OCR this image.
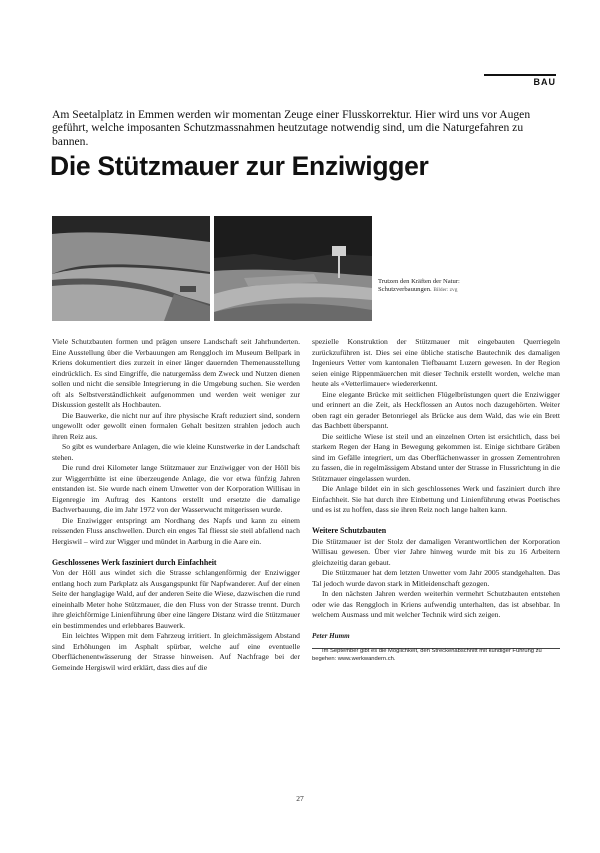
BAU
Am Seetalplatz in Emmen werden wir momentan Zeuge einer Flusskorrektur. Hier wird uns vor Augen geführt, welche imposanten Schutzmassnahmen heutzutage notwendig sind, um die Naturgefahren zu bannen.
Die Stützmauer zur Enziwigger
Trutzen den Kräften der Natur: Schutzverbauungen. Bilder: zvg

Viele Schutzbauten formen und prägen unsere Landschaft seit Jahrhunderten. Eine Ausstellung über die Verbauungen am Renggloch im Museum Bellpark in Kriens dokumentiert dies zurzeit in einer länger dauernden Themenausstellung eindrücklich. Es sind Eingriffe, die naturgemäss dem Zweck und Nutzen dienen sollen und nicht die sensible Integrierung in die Umgebung suchen. Sie werden oft als Selbstverständlichkeit aufgenommen und werden weit weniger zur Diskussion gestellt als Hochbauten.

Die Bauwerke, die nicht nur auf ihre physische Kraft reduziert sind, sondern ungewollt oder gewollt einen formalen Gehalt besitzen strahlen jedoch auch ihren Reiz aus.

So gibt es wunderbare Anlagen, die wie kleine Kunstwerke in der Landschaft stehen.

Die rund drei Kilometer lange Stützmauer zur Enziwigger von der Höll bis zur Wiggerrhütte ist eine überzeugende Anlage, die vor etwa fünfzig Jahren entstanden ist. Sie wurde nach einem Unwetter von der Korporation Willisau in Eigenregie im Auftrag des Kantons erstellt und ersetzte die damalige Bachverbauung, die im Jahr 1972 von der Wasserwucht mitgerissen wurde.

Die Enziwigger entspringt am Nordhang des Napfs und kann zu einem reissenden Fluss anschwellen. Durch ein enges Tal fliesst sie steil abfallend nach Hergiswil – wird zur Wigger und mündet in Aarburg in die Aare ein.

Geschlossenes Werk fasziniert durch Einfachheit

Von der Höll aus windet sich die Strasse schlangenförmig der Enziwigger entlang hoch zum Parkplatz als Ausgangspunkt für Napfwanderer. Auf der einen Seite der hanglagige Wald, auf der anderen Seite die Wiese, dazwischen die rund eineinhalb Meter hohe Stützmauer, die den Fluss von der Strasse trennt. Durch ihre gleichförmige Linienführung über eine längere Distanz wird die Stützmauer ein bestimmendes und erlebbares Bauwerk.

Ein leichtes Wippen mit dem Fahrzeug irritiert. In gleichmässigem Abstand sind Erhöhungen im Asphalt spürbar, welche auf eine eventuelle Oberflächenentwässerung der Strasse hinweisen. Auf Nachfrage bei der Gemeinde Hergiswil wird erklärt, dass dies auf die

spezielle Konstruktion der Stützmauer mit eingebauten Querriegeln zurückzuführen ist. Dies sei eine übliche statische Bautechnik des damaligen Ingenieurs Vetter vom kantonalen Tiefbauamt Luzern gewesen. In der Region seien einige Rippenmäuerchen mit dieser Technik erstellt worden, welche man heute als «Vetterlimauer» wiedererkennt.

Eine elegante Brücke mit seitlichen Flügelbrüstungen quert die Enziwigger und erinnert an die Zeit, als Heckflossen an Autos noch dazugehörten. Weiter oben ragt ein gerader Betonriegel als Brücke aus dem Wald, das wie ein Brett das Bachbett überspannt.

Die seitliche Wiese ist steil und an einzelnen Orten ist ersichtlich, dass bei starkem Regen der Hang in Bewegung gekommen ist. Einige sichtbare Gräben sind im Gefälle integriert, um das Oberflächenwasser in grossen Zementrohren zu fassen, die in regelmässigem Abstand unter der Strasse in Flussrichtung in die Stützmauer eingelassen wurden.

Die Anlage bildet ein in sich geschlossenes Werk und fasziniert durch ihre Einfachheit. Sie hat durch ihre Einbettung und Linienführung etwas Poetisches und es ist zu hoffen, dass sie ihren Reiz noch lange halten kann.

Weitere Schutzbauten

Die Stützmauer ist der Stolz der damaligen Verantwortlichen der Korporation Willisau gewesen. Über vier Jahre hinweg wurde mit bis zu 16 Arbeitern gleichzeitig daran gebaut.

Die Stützmauer hat dem letzten Unwetter vom Jahr 2005 standgehalten. Das Tal jedoch wurde davon stark in Mitleidenschaft gezogen.

In den nächsten Jahren werden weiterhin vermehrt Schutzbauten entstehen oder wie das Renggloch in Kriens aufwendig unterhalten, das ist absehbar. In welchem Ausmass und mit welcher Technik wird sich zeigen.

Peter Humm

Im September gibt es die Möglichkeit, den Streckenabschnitt mit kundiger Führung zu begehen: www.werkwandern.ch.

27
